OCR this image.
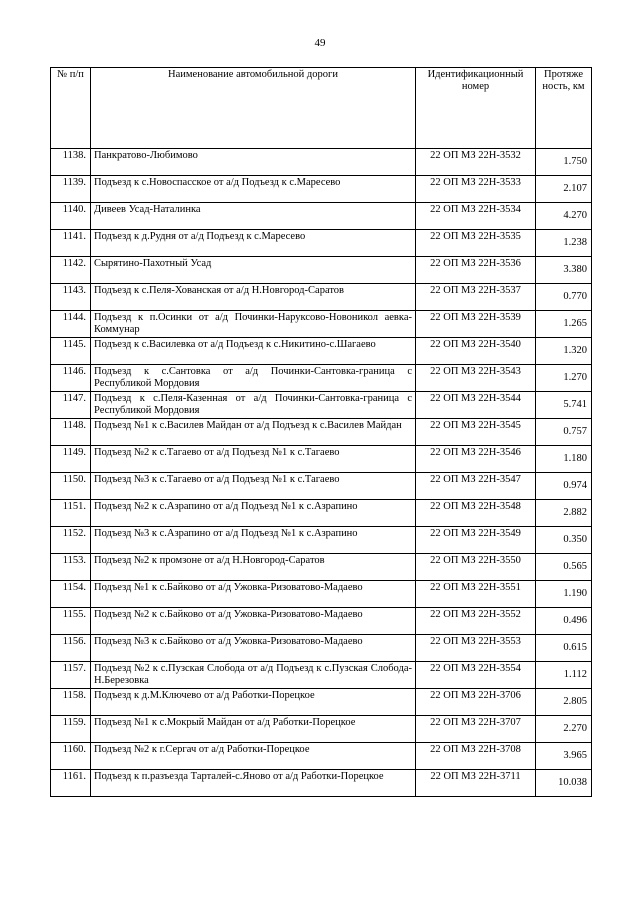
49
№ п/п	Наименование автомобильной дороги	Идентификационный номер	Протяже ность, км
1138.	Панкратово-Любимово	22 ОП МЗ 22Н-3532	1.750
1139.	Подъезд к с.Новоспасское от а/д Подъезд к с.Маресево	22 ОП МЗ 22Н-3533	2.107
1140.	Дивеев Усад-Наталинка	22 ОП МЗ 22Н-3534	4.270
1141.	Подъезд к д.Рудня от а/д Подъезд к с.Маресево	22 ОП МЗ 22Н-3535	1.238
1142.	Сырятино-Пахотный Усад	22 ОП МЗ 22Н-3536	3.380
1143.	Подъезд к с.Пеля-Хованская от а/д Н.Новгород-Саратов	22 ОП МЗ 22Н-3537	0.770
1144.	Подъезд к п.Осинки от а/д Починки-Наруксово-Новоникол аевка-Коммунар	22 ОП МЗ 22Н-3539	1.265
1145.	Подъезд к с.Василевка от а/д Подъезд к с.Никитино-с.Шагаево	22 ОП МЗ 22Н-3540	1.320
1146.	Подъезд к с.Сантовка от а/д Починки-Сантовка-граница с Республикой Мордовия	22 ОП МЗ 22Н-3543	1.270
1147.	Подъезд к с.Пеля-Казенная от а/д Починки-Сантовка-граница с Республикой Мордовия	22 ОП МЗ 22Н-3544	5.741
1148.	Подъезд №1 к с.Василев Майдан от а/д Подъезд к с.Василев Майдан	22 ОП МЗ 22Н-3545	0.757
1149.	Подъезд №2 к с.Тагаево от а/д Подъезд №1 к с.Тагаево	22 ОП МЗ 22Н-3546	1.180
1150.	Подъезд №3 к с.Тагаево от а/д Подъезд №1 к с.Тагаево	22 ОП МЗ 22Н-3547	0.974
1151.	Подъезд №2 к с.Азрапино от а/д Подъезд №1 к с.Азрапино	22 ОП МЗ 22Н-3548	2.882
1152.	Подъезд №3 к с.Азрапино от а/д Подъезд №1 к с.Азрапино	22 ОП МЗ 22Н-3549	0.350
1153.	Подъезд №2 к промзоне от а/д Н.Новгород-Саратов	22 ОП МЗ 22Н-3550	0.565
1154.	Подъезд №1 к с.Байково от а/д Ужовка-Ризоватово-Мадаево	22 ОП МЗ 22Н-3551	1.190
1155.	Подъезд №2 к с.Байково от а/д Ужовка-Ризоватово-Мадаево	22 ОП МЗ 22Н-3552	0.496
1156.	Подъезд №3 к с.Байково от а/д Ужовка-Ризоватово-Мадаево	22 ОП МЗ 22Н-3553	0.615
1157.	Подъезд №2 к с.Пузская Слобода от а/д Подъезд к с.Пузская Слобода-Н.Березовка	22 ОП МЗ 22Н-3554	1.112
1158.	Подъезд к д.М.Ключево от а/д Работки-Порецкое	22 ОП МЗ 22Н-3706	2.805
1159.	Подъезд №1 к с.Мокрый Майдан от а/д Работки-Порецкое	22 ОП МЗ 22Н-3707	2.270
1160.	Подъезд №2 к г.Сергач от а/д Работки-Порецкое	22 ОП МЗ 22Н-3708	3.965
1161.	Подъезд к п.разъезда Тарталей-с.Яново от а/д Работки-Порецкое	22 ОП МЗ 22Н-3711	10.038
